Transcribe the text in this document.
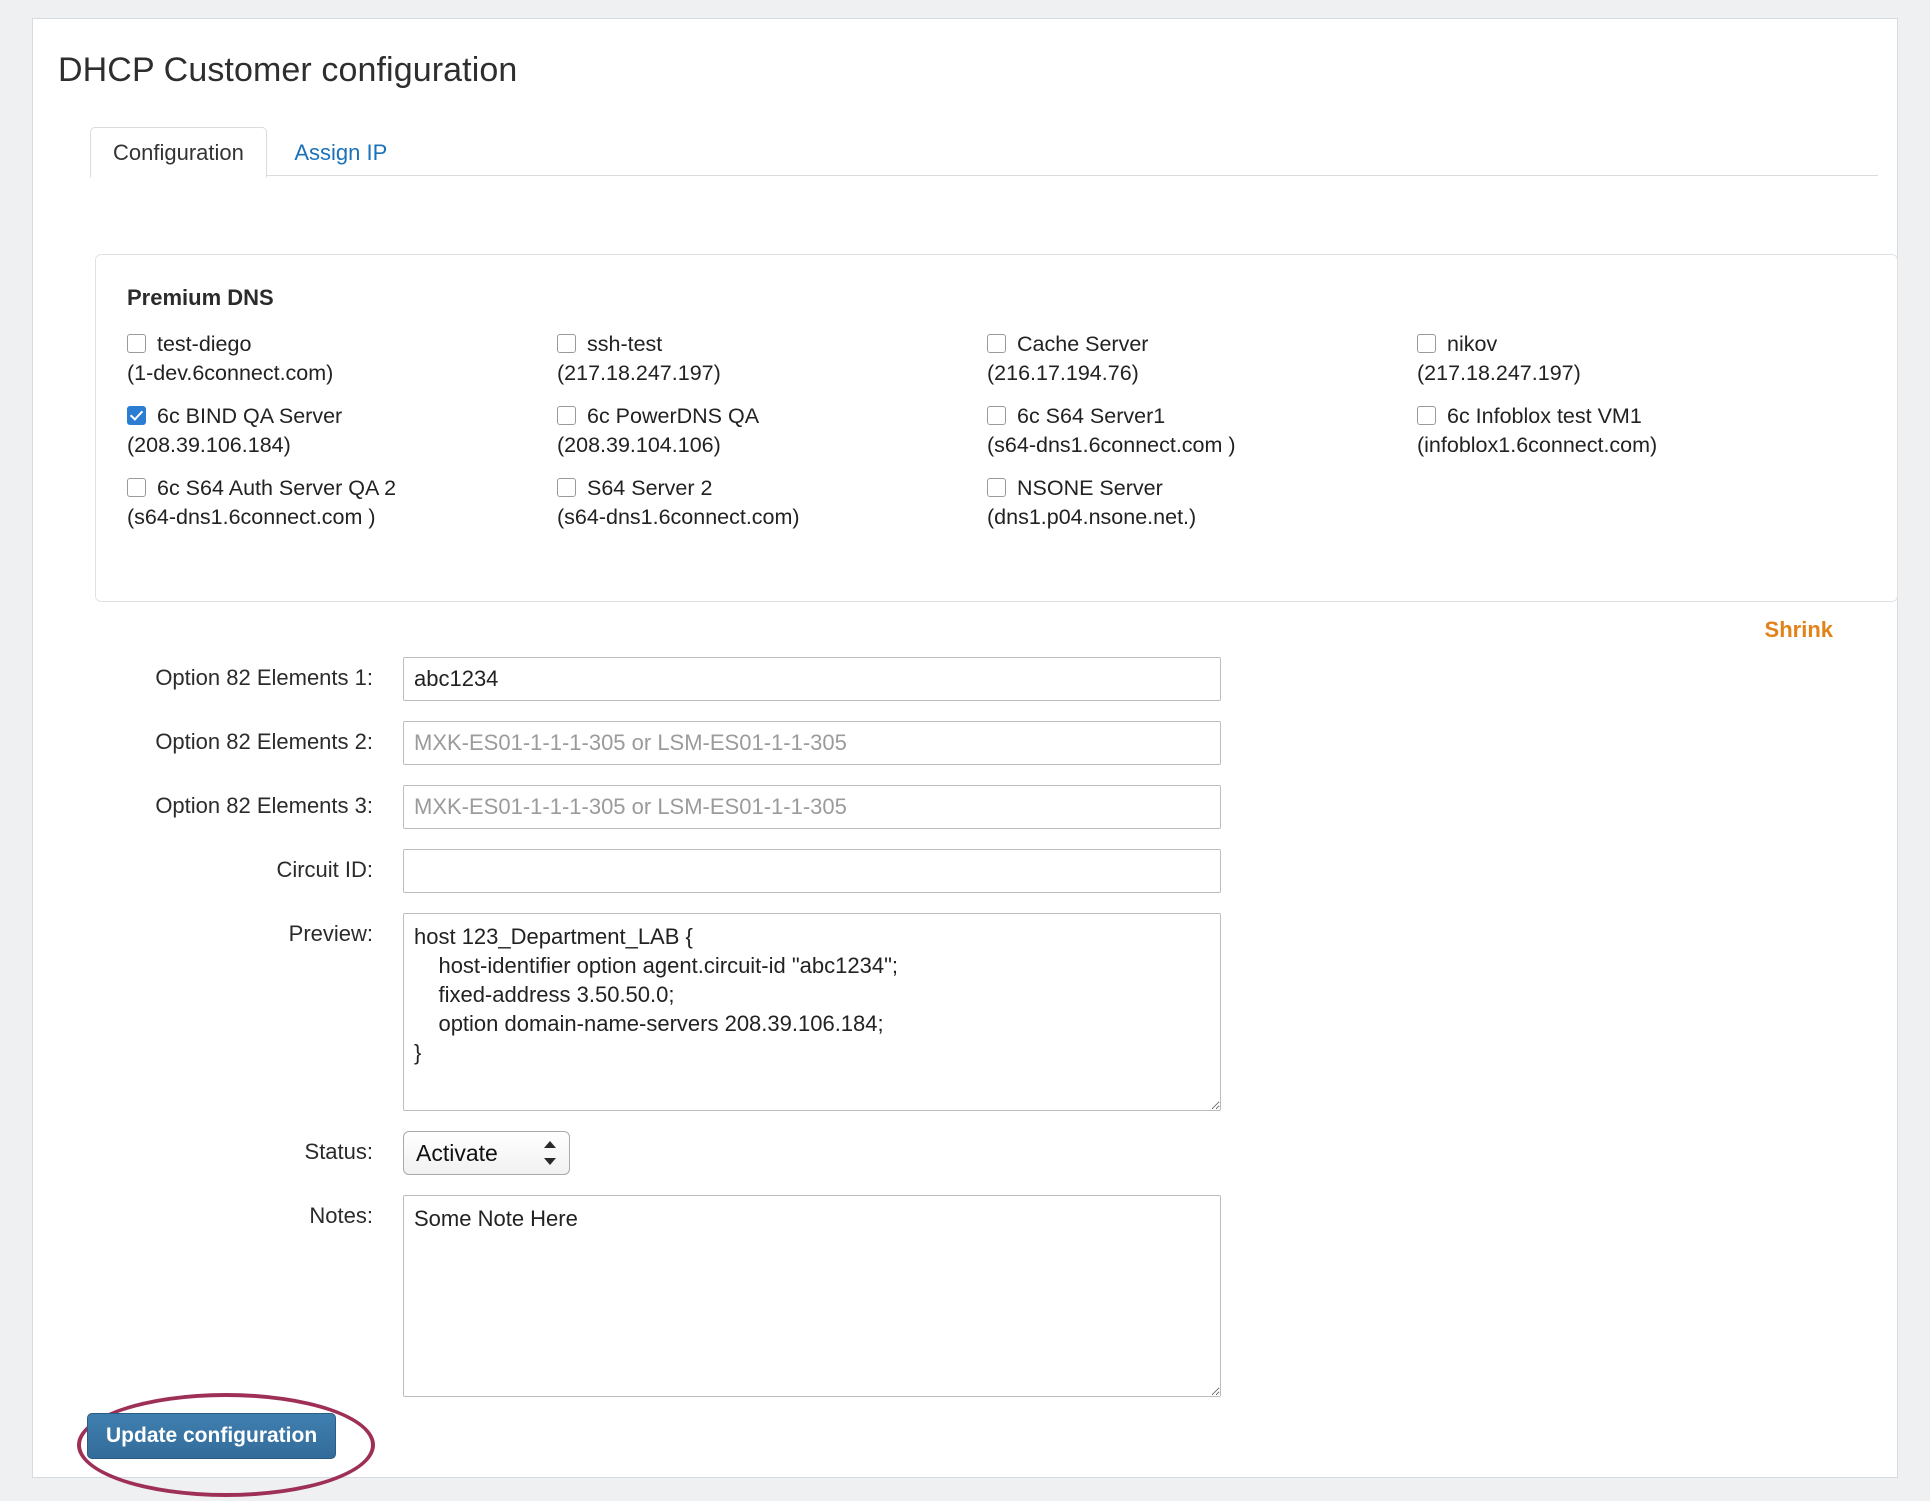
DHCP Customer configuration
Configuration Assign IP
Premium DNS
test-diego
(1-dev.6connect.com)
ssh-test
(217.18.247.197)
Cache Server
(216.17.194.76)
nikov
(217.18.247.197)
6c BIND QA Server
(208.39.106.184)
6c PowerDNS QA
(208.39.104.106)
6c S64 Server1
(s64-dns1.6connect.com )
6c Infoblox test VM1
(infoblox1.6connect.com)
6c S64 Auth Server QA 2
(s64-dns1.6connect.com )
S64 Server 2
(s64-dns1.6connect.com)
NSONE Server
(dns1.p04.nsone.net.)
Shrink
Option 82 Elements 1:
abc1234
Option 82 Elements 2:
MXK-ES01-1-1-1-305 or LSM-ES01-1-1-305
Option 82 Elements 3:
MXK-ES01-1-1-1-305 or LSM-ES01-1-1-305
Circuit ID:
Preview:
host 123_Department_LAB { host-identifier option agent.circuit-id "abc1234"; fixed-address 3.50.50.0; option domain-name-servers 208.39.106.184; }
Status:
Activate
Notes:
Some Note Here
Update configuration
